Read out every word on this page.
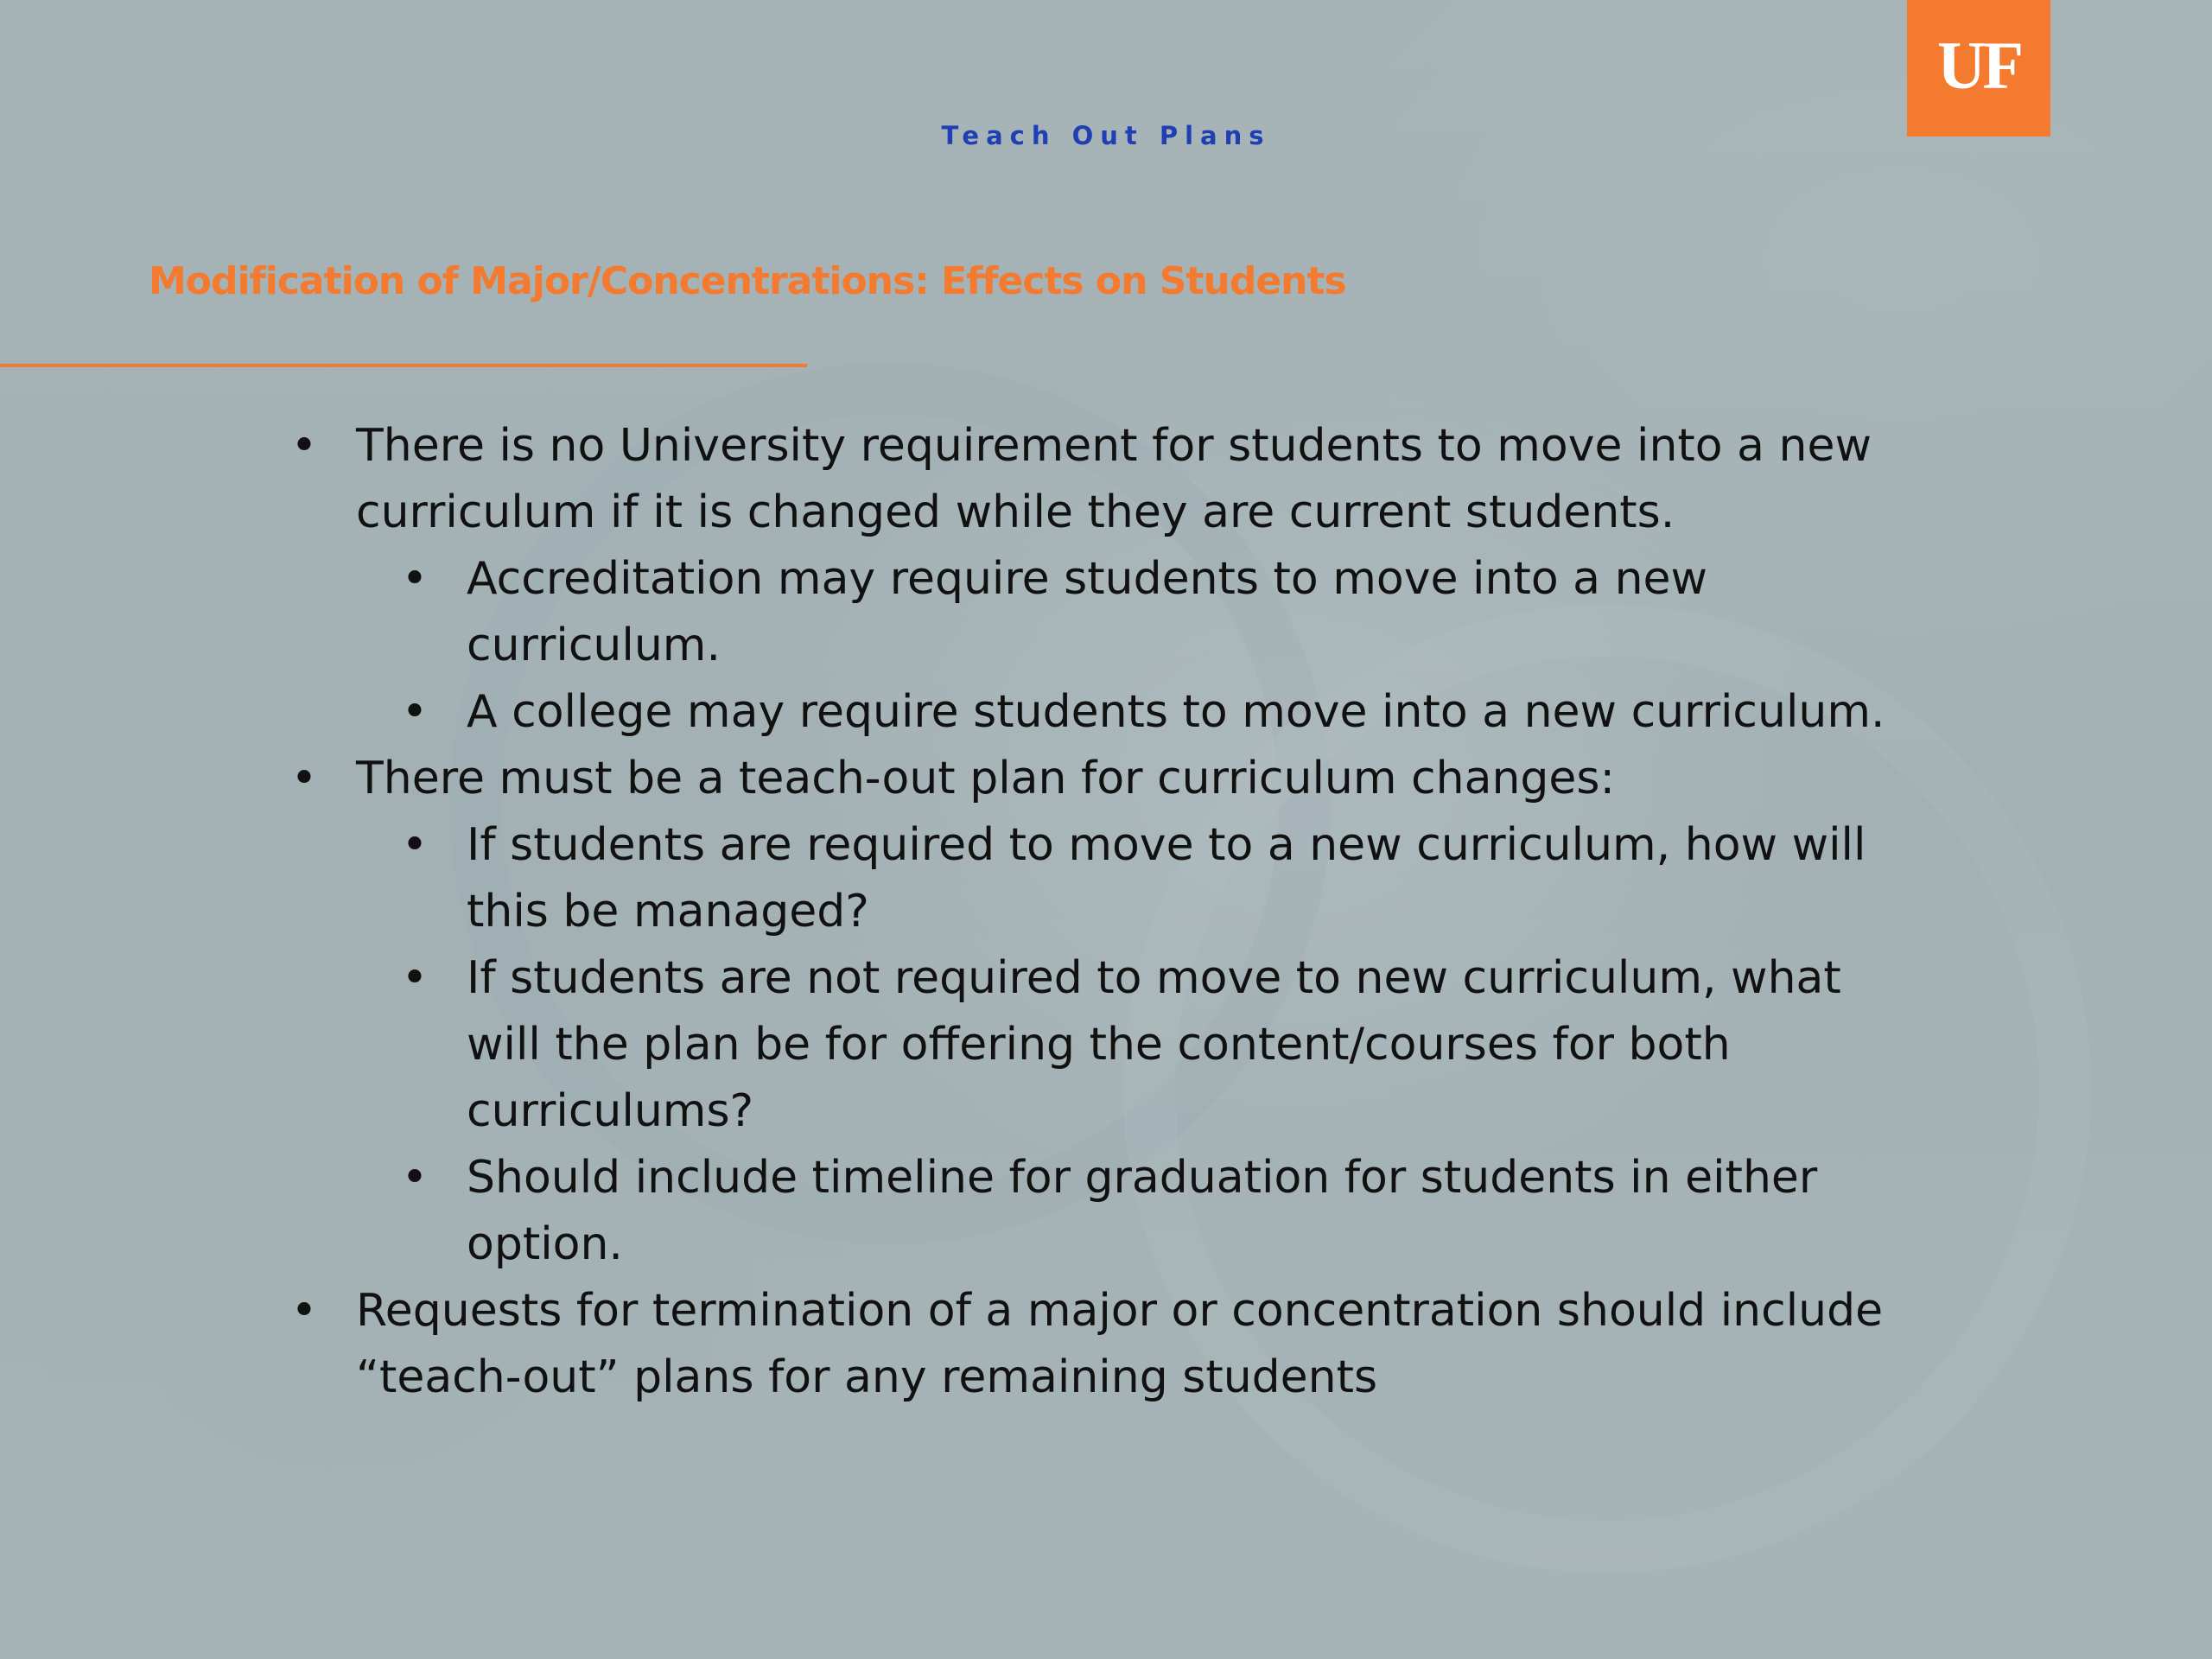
UF
Teach Out Plans
Modification of Major/Concentrations: Effects on Students
• There is no University requirement for students to move into a new
curriculum if it is changed while they are current students.
• Accreditation may require students to move into a new
curriculum.
• A college may require students to move into a new curriculum.
• There must be a teach-out plan for curriculum changes:
• If students are required to move to a new curriculum, how will
this be managed?
• If students are not required to move to new curriculum, what
will the plan be for offering the content/courses for both
curriculums?
• Should include timeline for graduation for students in either
option.
• Requests for termination of a major or concentration should include
“teach-out” plans for any remaining students
